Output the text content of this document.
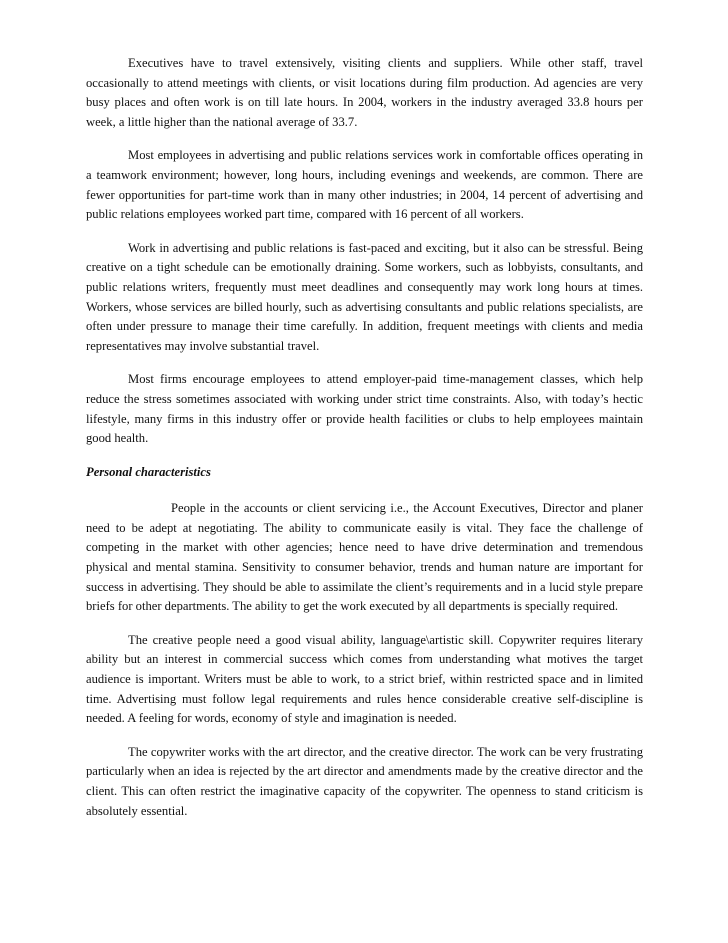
Executives have to travel extensively, visiting clients and suppliers. While other staff, travel occasionally to attend meetings with clients, or visit locations during film production. Ad agencies are very busy places and often work is on till late hours. In 2004, workers in the industry averaged 33.8 hours per week, a little higher than the national average of 33.7.

Most employees in advertising and public relations services work in comfortable offices operating in a teamwork environment; however, long hours, including evenings and weekends, are common. There are fewer opportunities for part-time work than in many other industries; in 2004, 14 percent of advertising and public relations employees worked part time, compared with 16 percent of all workers.

Work in advertising and public relations is fast-paced and exciting, but it also can be stressful. Being creative on a tight schedule can be emotionally draining. Some workers, such as lobbyists, consultants, and public relations writers, frequently must meet deadlines and consequently may work long hours at times. Workers, whose services are billed hourly, such as advertising consultants and public relations specialists, are often under pressure to manage their time carefully. In addition, frequent meetings with clients and media representatives may involve substantial travel.

Most firms encourage employees to attend employer-paid time-management classes, which help reduce the stress sometimes associated with working under strict time constraints. Also, with today’s hectic lifestyle, many firms in this industry offer or provide health facilities or clubs to help employees maintain good health.

Personal characteristics

People in the accounts or client servicing i.e., the Account Executives, Director and planer need to be adept at negotiating. The ability to communicate easily is vital. They face the challenge of competing in the market with other agencies; hence need to have drive determination and tremendous physical and mental stamina. Sensitivity to consumer behavior, trends and human nature are important for success in advertising. They should be able to assimilate the client’s requirements and in a lucid style prepare briefs for other departments. The ability to get the work executed by all departments is specially required.

The creative people need a good visual ability, language\artistic skill. Copywriter requires literary ability but an interest in commercial success which comes from understanding what motives the target audience is important. Writers must be able to work, to a strict brief, within restricted space and in limited time. Advertising must follow legal requirements and rules hence considerable creative self-discipline is needed. A feeling for words, economy of style and imagination is needed.

The copywriter works with the art director, and the creative director. The work can be very frustrating particularly when an idea is rejected by the art director and amendments made by the creative director and the client. This can often restrict the imaginative capacity of the copywriter. The openness to stand criticism is absolutely essential.
